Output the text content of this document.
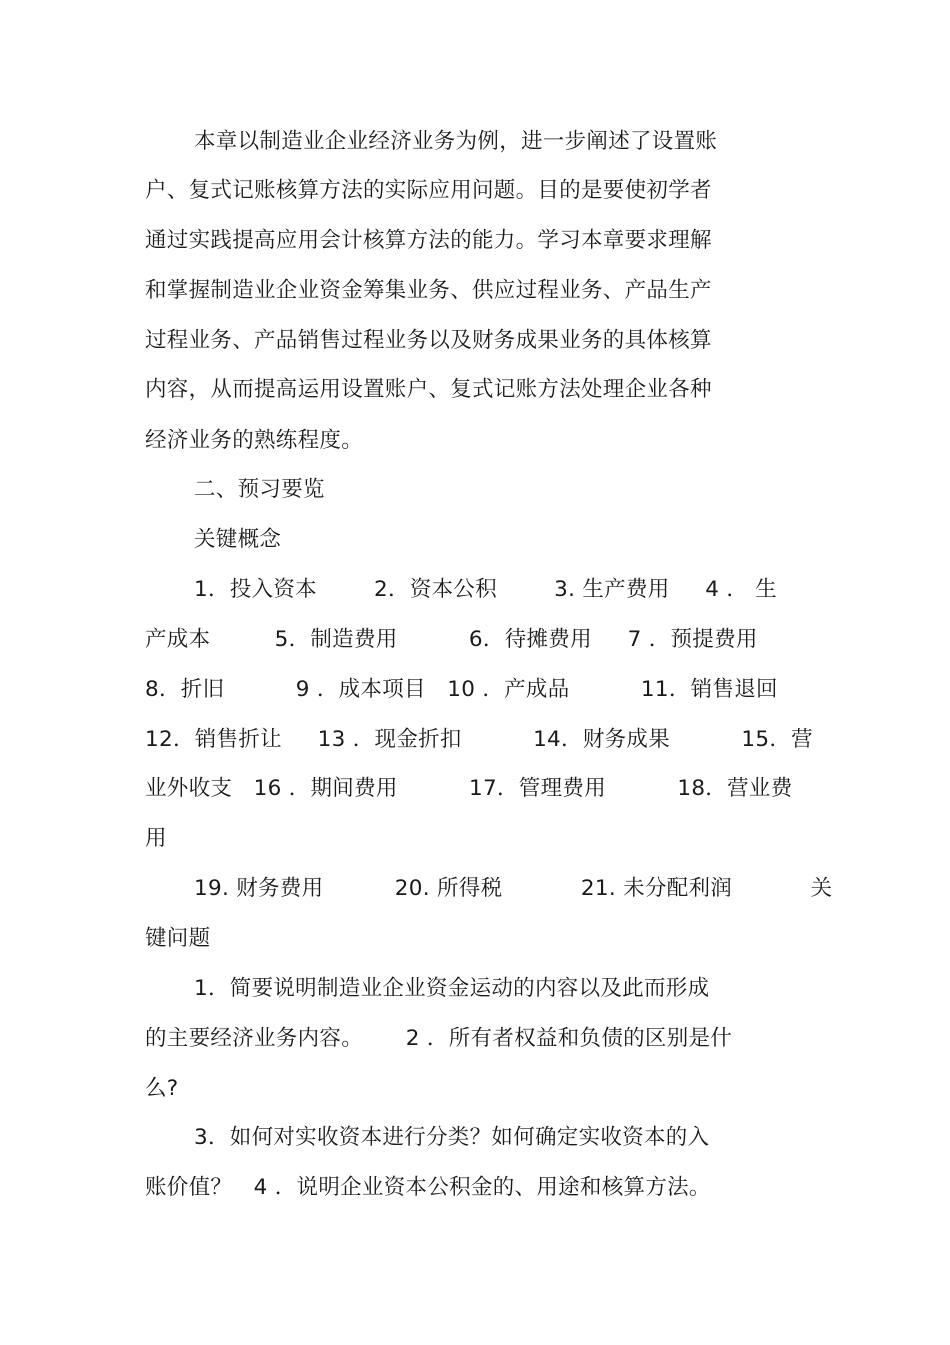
本章以制造业企业经济业务为例，进一步阐述了设置账
户、复式记账核算方法的实际应用问题。目的是要使初学者
通过实践提高应用会计核算方法的能力。学习本章要求理解
和掌握制造业企业资金筹集业务、供应过程业务、产品生产
过程业务、产品销售过程业务以及财务成果业务的具体核算
内容，从而提高运用设置账户、复式记账方法处理企业各种
经济业务的熟练程度。
二、预习要览
关键概念
1．投入资本        2．资本公积        3. 生产费用     4 ． 生
产成本         5．制造费用          6．待摊费用     7 ．预提费用
8．折旧          9 ．成本项目   10 ．产成品          11．销售退回
12．销售折让     13 ．现金折扣          14．财务成果          15．营
业外收支   16 ．期间费用          17．管理费用          18．营业费
用
19. 财务费用          20. 所得税           21. 未分配利润           关
键问题
1．简要说明制造业企业资金运动的内容以及此而形成
的主要经济业务内容。      2 ．所有者权益和负债的区别是什
么?
3．如何对实收资本进行分类？如何确定实收资本的入
账价值？   4 ．说明企业资本公积金的、用途和核算方法。
